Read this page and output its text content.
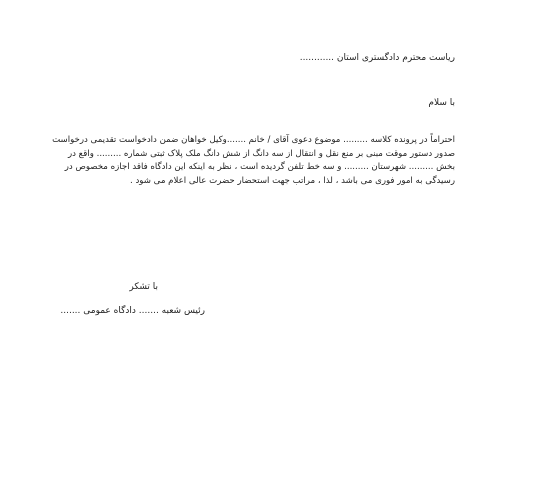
ریاست محترم دادگستری استان ............
با سلام
احتراماً در پرونده کلاسه ......... موضوع دعوی آقای / خانم .......وکیل خواهان ضمن دادخواست تقدیمی درخواست
صدور دستور موقت مبنی بر منع نقل و انتقال از سه دانگ از شش دانگ ملک پلاک ثبتی شماره ......... واقع در
بخش ......... شهرستان ......... و سه خط تلفن گردیده است ، نظر به اینکه این دادگاه فاقد اجازه مخصوص در
رسیدگی به امور فوری می باشد ، لذا ، مراتب جهت استحضار حضرت عالی اعلام می شود .
با تشکر
رئیس شعبه ....... دادگاه عمومی .......
